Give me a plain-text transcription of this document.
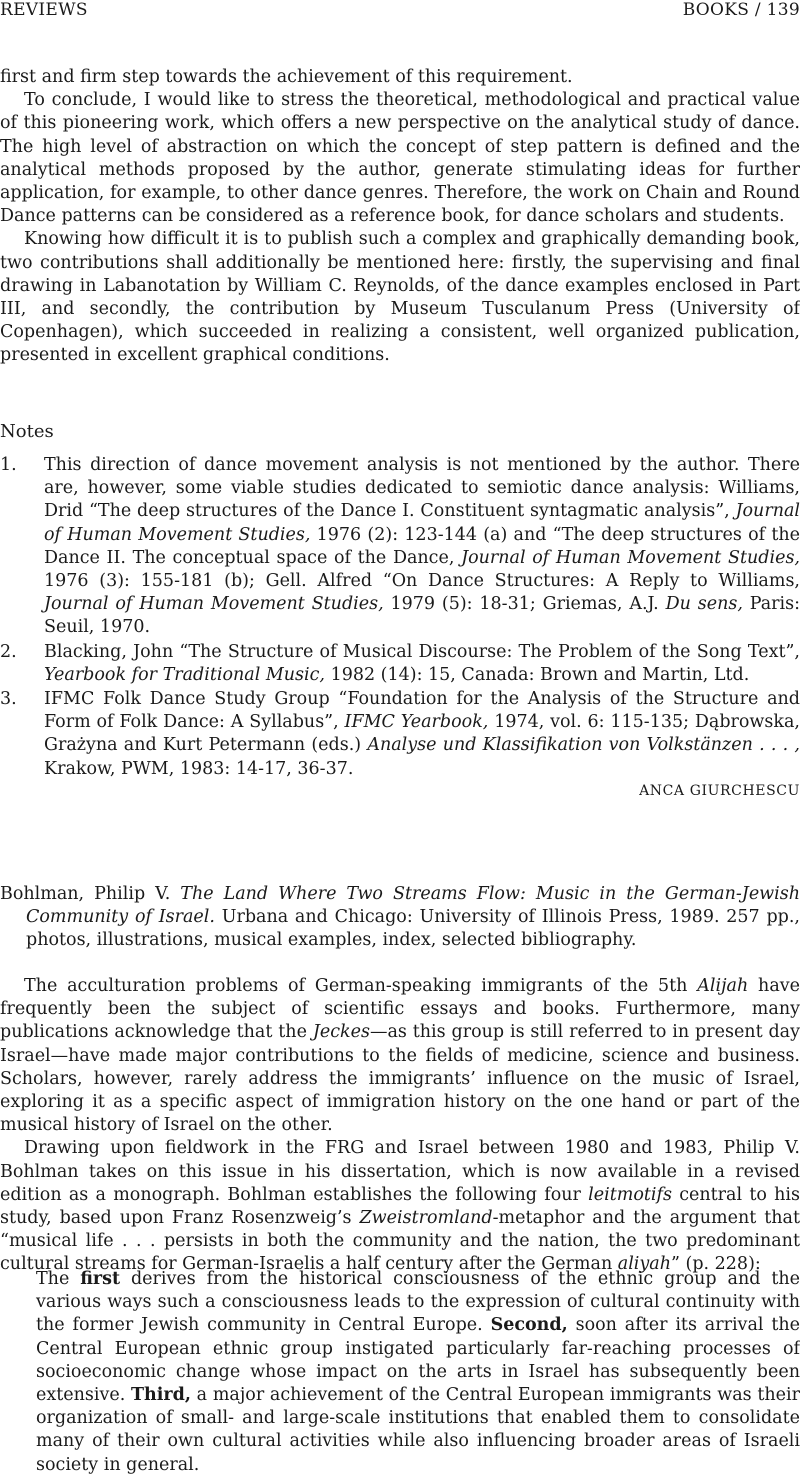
REVIEWS	BOOKS / 139

first and firm step towards the achievement of this requirement.

To conclude, I would like to stress the theoretical, methodological and practical value of this pioneering work, which offers a new perspective on the analytical study of dance. The high level of abstraction on which the concept of step pattern is defined and the analytical methods proposed by the author, generate stimulating ideas for further application, for example, to other dance genres. Therefore, the work on Chain and Round Dance patterns can be considered as a reference book, for dance scholars and students.

Knowing how difficult it is to publish such a complex and graphically demanding book, two contributions shall additionally be mentioned here: firstly, the supervising and final drawing in Labanotation by William C. Reynolds, of the dance examples enclosed in Part III, and secondly, the contribution by Museum Tusculanum Press (University of Copenhagen), which succeeded in realizing a consistent, well organized publication, presented in excellent graphical conditions.

Notes
1. This direction of dance movement analysis is not mentioned by the author. There are, however, some viable studies dedicated to semiotic dance analysis: Williams, Drid “The deep structures of the Dance I. Constituent syntagmatic analysis”, Journal of Human Movement Studies, 1976 (2): 123-144 (a) and “The deep structures of the Dance II. The conceptual space of the Dance, Journal of Human Movement Studies, 1976 (3): 155-181 (b); Gell. Alfred “On Dance Structures: A Reply to Williams, Journal of Human Movement Studies, 1979 (5): 18-31; Griemas, A.J. Du sens, Paris: Seuil, 1970.
2. Blacking, John “The Structure of Musical Discourse: The Problem of the Song Text”, Yearbook for Traditional Music, 1982 (14): 15, Canada: Brown and Martin, Ltd.
3. IFMC Folk Dance Study Group “Foundation for the Analysis of the Structure and Form of Folk Dance: A Syllabus”, IFMC Yearbook, 1974, vol. 6: 115-135; Dąbrowska, Grażyna and Kurt Petermann (eds.) Analyse und Klassifikation von Volkstänzen . . . , Krakow, PWM, 1983: 14-17, 36-37.
ANCA GIURCHESCU

Bohlman, Philip V. The Land Where Two Streams Flow: Music in the German-Jewish Community of Israel. Urbana and Chicago: University of Illinois Press, 1989. 257 pp., photos, illustrations, musical examples, index, selected bibliography.

The acculturation problems of German-speaking immigrants of the 5th Alijah have frequently been the subject of scientific essays and books. Furthermore, many publications acknowledge that the Jeckes—as this group is still referred to in present day Israel—have made major contributions to the fields of medicine, science and business. Scholars, however, rarely address the immigrants’ influence on the music of Israel, exploring it as a specific aspect of immigration history on the one hand or part of the musical history of Israel on the other.

Drawing upon fieldwork in the FRG and Israel between 1980 and 1983, Philip V. Bohlman takes on this issue in his dissertation, which is now available in a revised edition as a monograph. Bohlman establishes the following four leitmotifs central to his study, based upon Franz Rosenzweig’s Zweistromland-metaphor and the argument that “musical life . . . persists in both the community and the nation, the two predominant cultural streams for German-Israelis a half century after the German aliyah” (p. 228):

The first derives from the historical consciousness of the ethnic group and the various ways such a consciousness leads to the expression of cultural continuity with the former Jewish community in Central Europe. Second, soon after its arrival the Central European ethnic group instigated particularly far-reaching processes of socioeconomic change whose impact on the arts in Israel has subsequently been extensive. Third, a major achievement of the Central European immigrants was their organization of small- and large-scale institutions that enabled them to consolidate many of their own cultural activities while also influencing broader areas of Israeli society in general.
